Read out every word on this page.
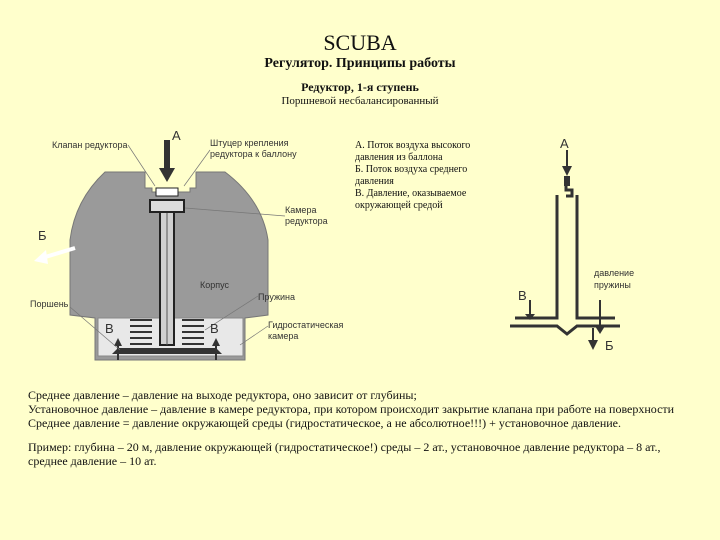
SCUBA
Регулятор. Принципы работы
Редуктор, 1-я ступень
Поршневой несбалансированный
А
Б
В	В
Клапан редуктора	Штуцер крепления
редуктора к баллону
Камера
редуктора
Корпус
Поршень
Пружина
Гидростатическая
камера
А
В
Б
давление
пружины
А. Поток воздуха высокого давления из баллона
Б. Поток воздуха среднего давления
В. Давление, оказываемое окружающей средой

Среднее давление – давление на выходе редуктора, оно зависит от глубины;

Установочное давление – давление в камере редуктора, при котором происходит закрытие клапана при работе на поверхности

Среднее давление = давление окружающей среды (гидростатическое, а не абсолютное!!!) + установочное давление.

Пример: глубина – 20 м, давление окружающей (гидростатическое!) среды – 2 ат., установочное давление редуктора – 8 ат., среднее давление – 10 ат.
